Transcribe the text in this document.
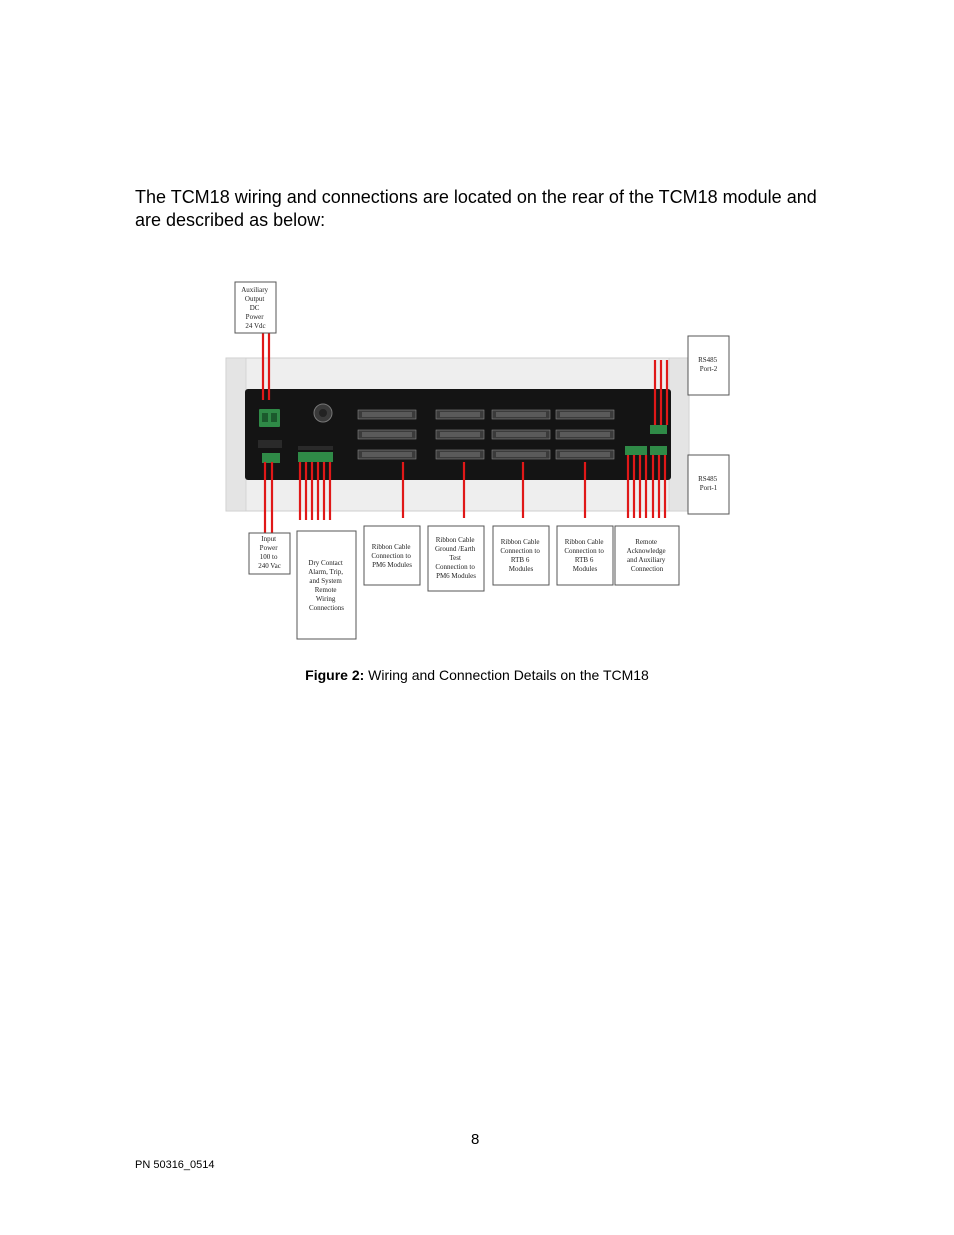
The TCM18 wiring and connections are located on the rear of the TCM18 module and are described as below:

Auxiliary Output DC Power 24 Vdc
RS485 Port-2
RS485 Port-1
Input Power 100 to 240 Vac	Dry Contact Alarm, Trip, and System Remote Wiring Connections
Ribbon Cable Connection to PM6 Modules
Ribbon Cable Ground /Earth Test Connection to PM6 Modules
Ribbon Cable Connection to RTB 6 Modules
Ribbon Cable Connection to RTB 6 Modules
Remote Acknowledge and Auxiliary Connection
Figure 2: Wiring and Connection Details on the TCM18
8
PN 50316_0514
